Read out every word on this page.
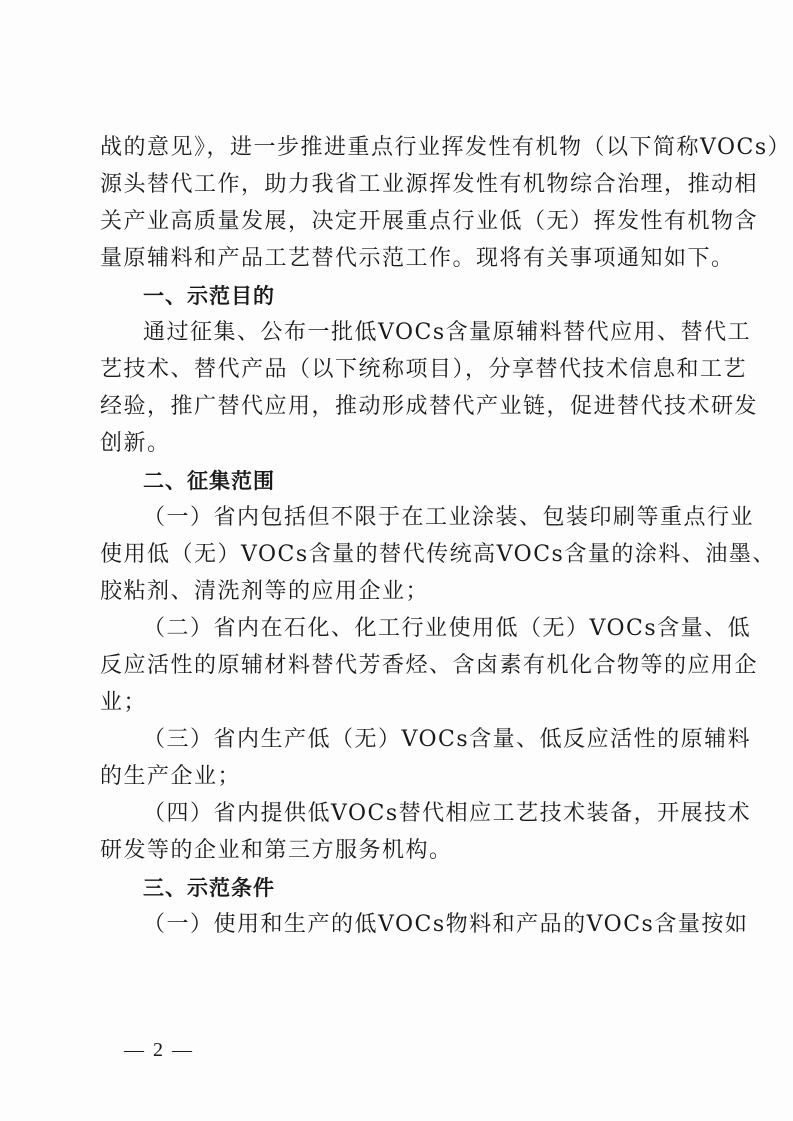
战的意见》，进一步推进重点行业挥发性有机物（以下简称VOCs）
源头替代工作，助力我省工业源挥发性有机物综合治理，推动相
关产业高质量发展，决定开展重点行业低（无）挥发性有机物含
量原辅料和产品工艺替代示范工作。现将有关事项通知如下。
一、示范目的
通过征集、公布一批低VOCs含量原辅料替代应用、替代工
艺技术、替代产品（以下统称项目），分享替代技术信息和工艺
经验，推广替代应用，推动形成替代产业链，促进替代技术研发
创新。
二、征集范围
（一）省内包括但不限于在工业涂装、包装印刷等重点行业
使用低（无）VOCs含量的替代传统高VOCs含量的涂料、油墨、
胶粘剂、清洗剂等的应用企业；
（二）省内在石化、化工行业使用低（无）VOCs含量、低
反应活性的原辅材料替代芳香烃、含卤素有机化合物等的应用企
业；
（三）省内生产低（无）VOCs含量、低反应活性的原辅料
的生产企业；
（四）省内提供低VOCs替代相应工艺技术装备，开展技术
研发等的企业和第三方服务机构。
三、示范条件
（一）使用和生产的低VOCs物料和产品的VOCs含量按如
— 2 —
